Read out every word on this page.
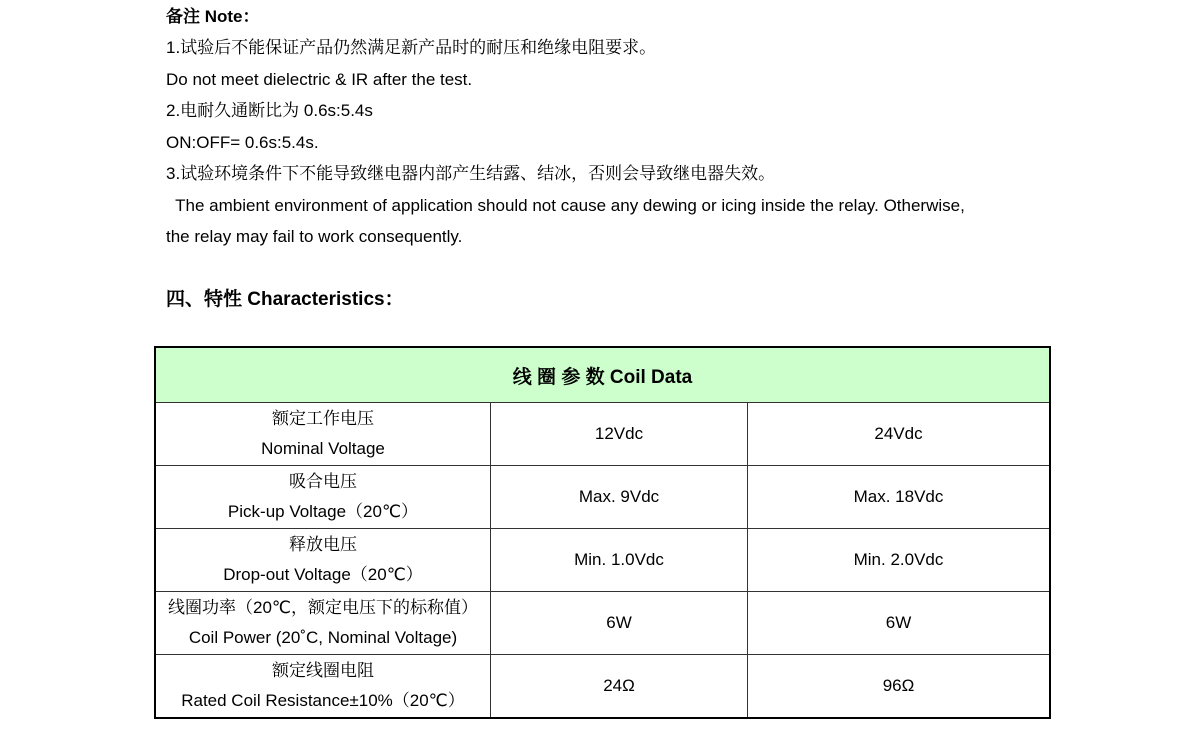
备注 Note：
1.试验后不能保证产品仍然满足新产品时的耐压和绝缘电阻要求。
Do not meet dielectric & IR after the test.
2.电耐久通断比为 0.6s:5.4s
ON:OFF= 0.6s:5.4s.
3.试验环境条件下不能导致继电器内部产生结露、结冰，否则会导致继电器失效。
The ambient environment of application should not cause any dewing or icing inside the relay. Otherwise,
the relay may fail to work consequently.
四、特性 Characteristics：
线 圈 参 数 Coil Data		

额定工作电压
Nominal Voltage	12Vdc	24Vdc

吸合电压
Pick-up Voltage（20℃）	Max. 9Vdc	Max. 18Vdc

释放电压
Drop-out Voltage（20℃）	Min. 1.0Vdc	Min. 2.0Vdc

线圈功率（20℃，额定电压下的标称值）
Coil Power (20˚C, Nominal Voltage)	6W	6W

额定线圈电阻
Rated Coil Resistance±10%（20℃）	24Ω	96Ω
